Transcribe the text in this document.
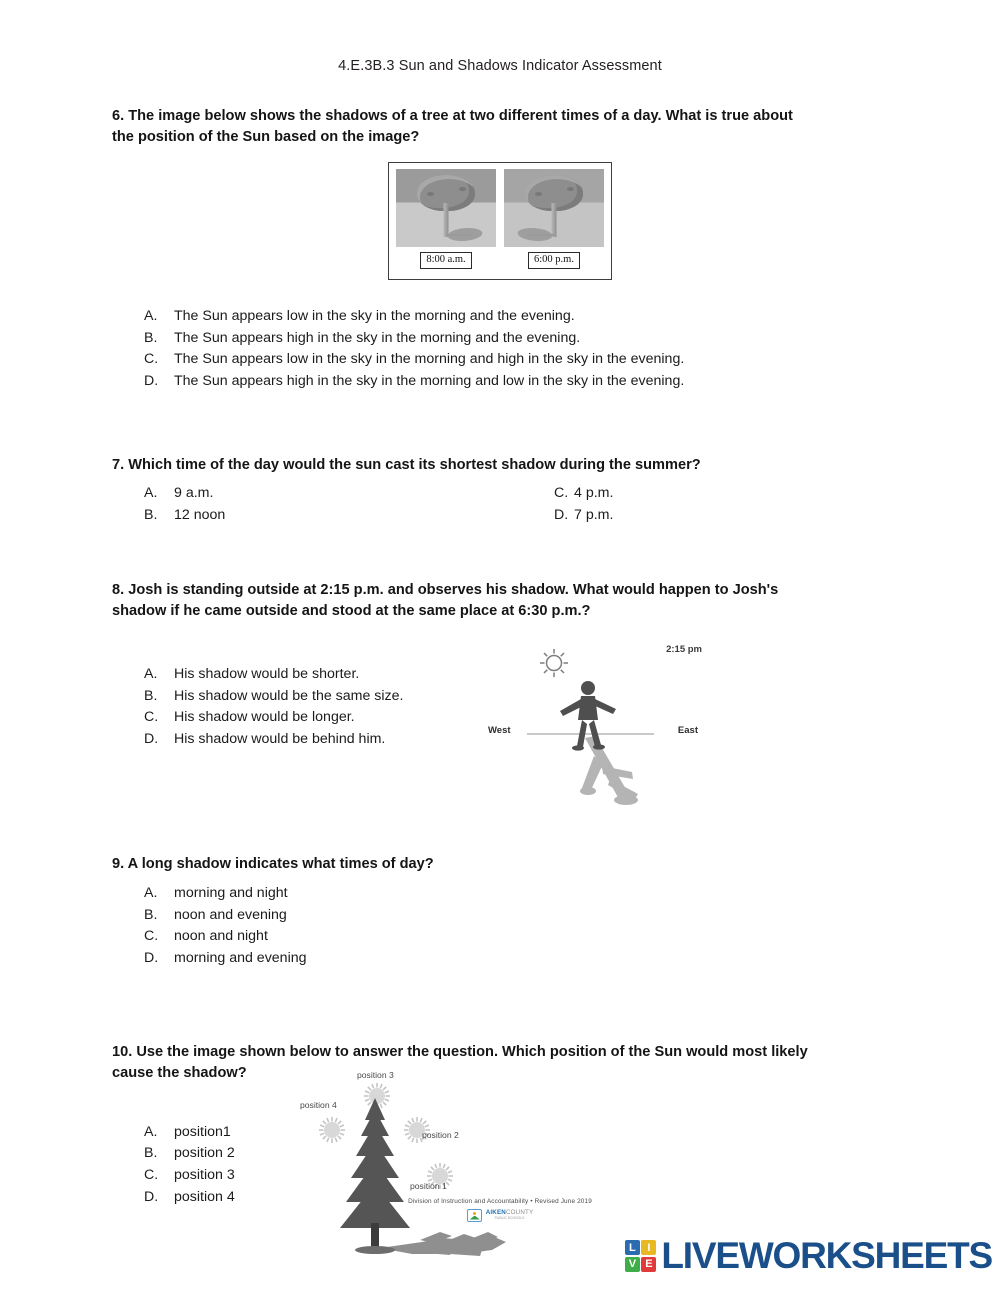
4.E.3B.3 Sun and Shadows Indicator Assessment
6. The image below shows the shadows of a tree at two different times of a day. What is true about
the position of the Sun based on the image?
8:00 a.m.	6:00 p.m.
A.	The Sun appears low in the sky in the morning and the evening.
B.	The Sun appears high in the sky in the morning and the evening.
C.	The Sun appears low in the sky in the morning and high in the sky in the evening.
D.	The Sun appears high in the sky in the morning and low in the sky in the evening.
7. Which time of the day would the sun cast its shortest shadow during the summer?
A.	9 a.m.
B.	12 noon
C. 4 p.m.
D. 7 p.m.
8. Josh is standing outside at 2:15 p.m. and observes his shadow. What would happen to Josh's
shadow if he came outside and stood at the same place at 6:30 p.m.?
A.	His shadow would be shorter.
B.	His shadow would be the same size.
C.	His shadow would be longer.
D.	His shadow would be behind him.
2:15 pm
West	East
9. A long shadow indicates what times of day?
A.	morning and night
B.	noon and evening
C.	noon and night
D.	morning and evening
10. Use the image shown below to answer the question. Which position of the Sun would most likely
cause the shadow?
A.	position1
B.	position 2
C.	position 3
D.	position 4
position 3
position 4
position 2
position 1
Division of Instruction and Accountability • Revised June 2019
AIKENCOUNTY
PUBLIC SCHOOLS
L	I
V E LIVEWORKSHEETS
